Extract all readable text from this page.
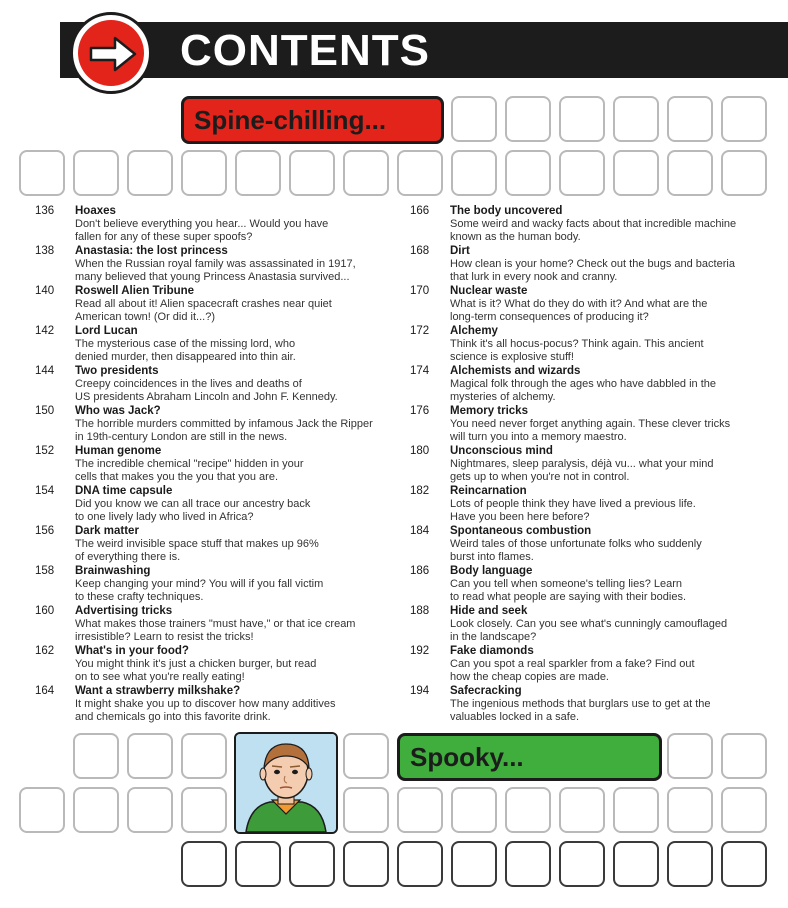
CONTENTS
Spine-chilling...
136	Hoaxes
Don't believe everything you hear... Would you have
fallen for any of these super spoofs?
138	Anastasia: the lost princess
When the Russian royal family was assassinated in 1917,
many believed that young Princess Anastasia survived...
140	Roswell Alien Tribune
Read all about it! Alien spacecraft crashes near quiet
American town! (Or did it...?)
142	Lord Lucan
The mysterious case of the missing lord, who
denied murder, then disappeared into thin air.
144	Two presidents
Creepy coincidences in the lives and deaths of
US presidents Abraham Lincoln and John F. Kennedy.
150	Who was Jack?
The horrible murders committed by infamous Jack the Ripper
in 19th-century London are still in the news.
152	Human genome
The incredible chemical "recipe" hidden in your
cells that makes you the you that you are.
154	DNA time capsule
Did you know we can all trace our ancestry back
to one lively lady who lived in Africa?
156	Dark matter
The weird invisible space stuff that makes up 96%
of everything there is.
158	Brainwashing
Keep changing your mind? You will if you fall victim
to these crafty techniques.
160	Advertising tricks
What makes those trainers "must have," or that ice cream
irresistible? Learn to resist the tricks!
162	What's in your food?
You might think it's just a chicken burger, but read
on to see what you're really eating!
164	Want a strawberry milkshake?
It might shake you up to discover how many additives
and chemicals go into this favorite drink.
166	The body uncovered
Some weird and wacky facts about that incredible machine
known as the human body.
168	Dirt
How clean is your home? Check out the bugs and bacteria
that lurk in every nook and cranny.
170	Nuclear waste
What is it? What do they do with it? And what are the
long-term consequences of producing it?
172	Alchemy
Think it's all hocus-pocus? Think again. This ancient
science is explosive stuff!
174	Alchemists and wizards
Magical folk through the ages who have dabbled in the
mysteries of alchemy.
176	Memory tricks
You need never forget anything again. These clever tricks
will turn you into a memory maestro.
180	Unconscious mind
Nightmares, sleep paralysis, déjà vu... what your mind
gets up to when you're not in control.
182	Reincarnation
Lots of people think they have lived a previous life.
Have you been here before?
184	Spontaneous combustion
Weird tales of those unfortunate folks who suddenly
burst into flames.
186	Body language
Can you tell when someone's telling lies? Learn
to read what people are saying with their bodies.
188	Hide and seek
Look closely. Can you see what's cunningly camouflaged
in the landscape?
192	Fake diamonds
Can you spot a real sparkler from a fake? Find out
how the cheap copies are made.
194	Safecracking
The ingenious methods that burglars use to get at the
valuables locked in a safe.
Spooky...
